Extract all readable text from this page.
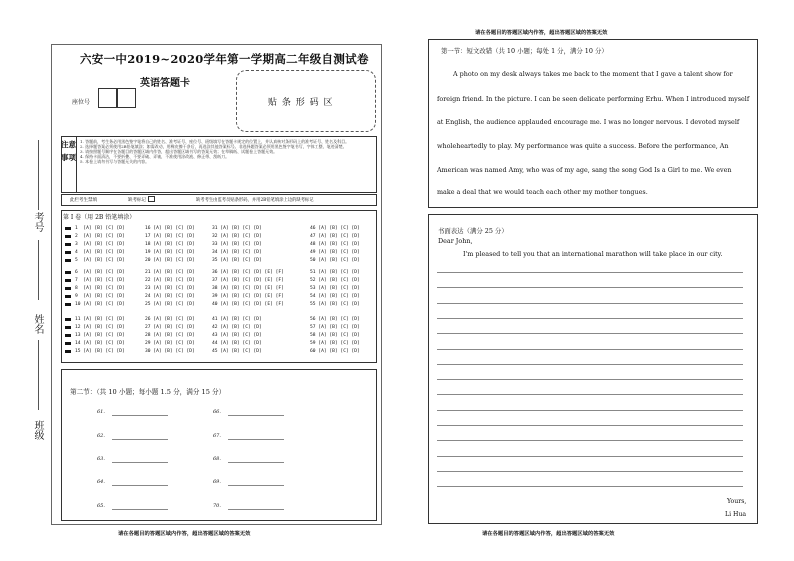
考号
姓名
班级
六安一中2019~2020学年第一学期高二年级自测试卷
英语答题卡
座位号	贴 条 形 码 区
注意事项
1. 答题前，考生务必用黑色签字笔将自己的姓名、准考证号、座位号、班级填写在答题卡规定的位置上，并认真核对条形码上的准考证号、姓名及科目。
2. 选择题答案必须使用2B铅笔填涂；如需改动，用橡皮擦干净后，再选涂其他答案标号。非选择题答案必须用黑色签字笔书写，字体工整、笔迹清楚。
3. 请按照题号顺序在各题目的答题区域内作答，超出答题区域书写的答案无效；在草稿纸、试题卷上答题无效。
4. 保持卡面清洁，不要折叠、不要弄破、弄皱，不准使用涂改液、修正带、刮纸刀。
5. 本卷上请勿书写与答题无关的内容。
此栏考生禁填	缺考标记	缺考考生由监考员贴条形码，并用2B铅笔填涂上边的缺考标记
第 I 卷（用 2B 铅笔填涂）
1  [A] [B] [C] [D]	16 [A] [B] [C] [D]	31 [A] [B] [C] [D]	46 [A] [B] [C] [D]
2  [A] [B] [C] [D]	17 [A] [B] [C] [D]	32 [A] [B] [C] [D]	47 [A] [B] [C] [D]
3  [A] [B] [C] [D]	18 [A] [B] [C] [D]	33 [A] [B] [C] [D]	48 [A] [B] [C] [D]
4  [A] [B] [C] [D]	19 [A] [B] [C] [D]	34 [A] [B] [C] [D]	49 [A] [B] [C] [D]
5  [A] [B] [C] [D]	20 [A] [B] [C] [D]	35 [A] [B] [C] [D]	50 [A] [B] [C] [D]
6  [A] [B] [C] [D]	21 [A] [B] [C] [D]	36 [A] [B] [C] [D] [E] [F]	51 [A] [B] [C] [D]
7  [A] [B] [C] [D]	22 [A] [B] [C] [D]	37 [A] [B] [C] [D] [E] [F]	52 [A] [B] [C] [D]
8  [A] [B] [C] [D]	23 [A] [B] [C] [D]	38 [A] [B] [C] [D] [E] [F]	53 [A] [B] [C] [D]
9  [A] [B] [C] [D]	24 [A] [B] [C] [D]	39 [A] [B] [C] [D] [E] [F]	54 [A] [B] [C] [D]
10 [A] [B] [C] [D]	25 [A] [B] [C] [D]	40 [A] [B] [C] [D] [E] [F]	55 [A] [B] [C] [D]
11 [A] [B] [C] [D]	26 [A] [B] [C] [D]	41 [A] [B] [C] [D]	56 [A] [B] [C] [D]
12 [A] [B] [C] [D]	27 [A] [B] [C] [D]	42 [A] [B] [C] [D]	57 [A] [B] [C] [D]
13 [A] [B] [C] [D]	28 [A] [B] [C] [D]	43 [A] [B] [C] [D]	58 [A] [B] [C] [D]
14 [A] [B] [C] [D]	29 [A] [B] [C] [D]	44 [A] [B] [C] [D]	59 [A] [B] [C] [D]
15 [A] [B] [C] [D]	30 [A] [B] [C] [D]	45 [A] [B] [C] [D]	60 [A] [B] [C] [D]
第二节：（共 10 小题；每小题 1.5 分，满分 15 分）
61.	66.
62.	67.
63.	68.
64.	69.
65.	70.
请在各题目的答题区域内作答，超出答题区域的答案无效
请在各题目的答题区域内作答，超出答题区域的答案无效
第一节：短文改错（共 10 小题；每处 1 分，满分 10 分）
A photo on my desk always takes me back to the moment that I gave a talent show for
foreign friend. In the picture. I can be seen delicate performing Erhu. When I introduced myself
at English, the audience applauded encourage me. I was no longer nervous. I devoted myself
wholeheartedly to play. My performance was quite a success. Before the performance, An
American was named Amy, who was of my age, sang the song God Is a Girl to me. We even
make a deal that we would teach each other my mother tongues.
书面表达（满分 25 分）
Dear John,
I'm pleased to tell you that an international marathon will take place in our city.
Yours,
Li Hua
请在各题目的答题区域内作答，超出答题区域的答案无效
